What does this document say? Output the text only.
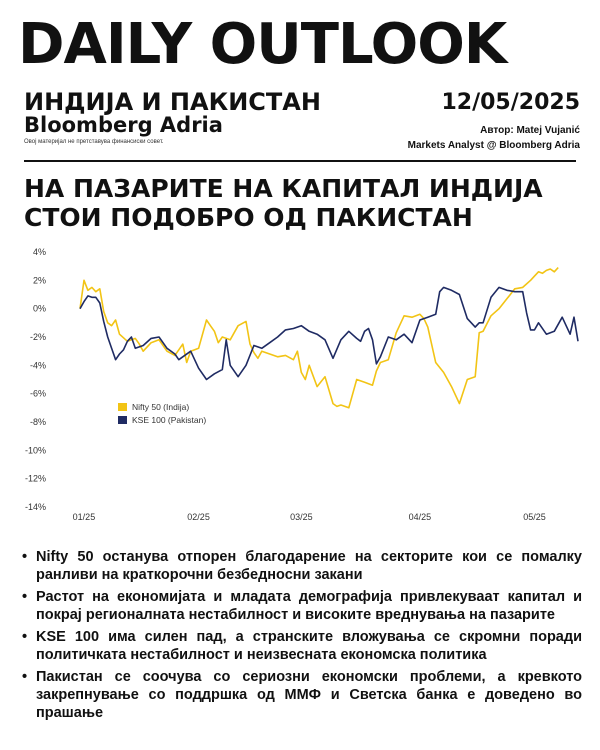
DAILY OUTLOOK
ИНДИЈА И ПАКИСТАН
Bloomberg Adria
Овој материјал не претставува финансиски совет.
12/05/2025
Автор: Matej Vujanić
Markets Analyst @ Bloomberg Adria
НА ПАЗАРИТЕ НА КАПИТАЛ ИНДИЈА
СТОИ ПОДОБРО ОД ПАКИСТАН
4%
2%
0%
-2%
-4%
-6%
-8%
-10%
-12%
-14%
01/25	02/25	03/25	04/25	05/25
Nifty 50 (Indija)
KSE 100 (Pakistan)
• Nifty 50 останува отпорен благодарение на секторите кои се помалку ранливи на краткорочни безбедносни закани
• Растот на економијата и младата демографија привлекуваат капитал и покрај регионалната нестабилност и високите вреднувања на пазарите
• KSE 100 има силен пад, а странските вложувања се скромни поради политичката нестабилност и неизвесната економска политика
• Пакистан се соочува со сериозни економски проблеми, а кревкото закрепнување со поддршка од ММФ и Светска банка е доведено во прашање
